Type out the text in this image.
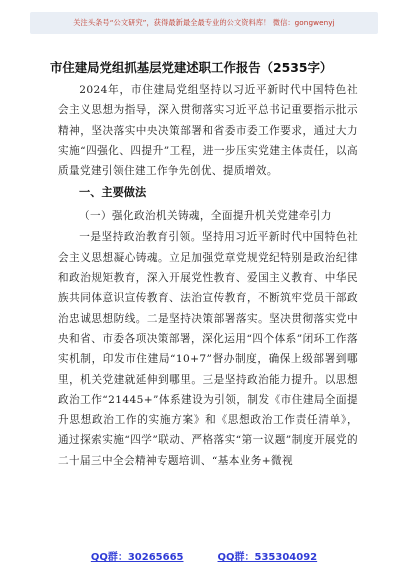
关注头条号“公文研究”，获得最新最全最专业的公文资料库！ 微信：gongwenyj
市住建局党组抓基层党建述职工作报告（2535字）

2024年，市住建局党组坚持以习近平新时代中国特色社会主义思想为指导，深入贯彻落实习近平总书记重要指示批示精神，坚决落实中央决策部署和省委市委工作要求，通过大力实施“四强化、四提升”工程，进一步压实党建主体责任，以高质量党建引领住建工作争先创优、提质增效。

一、主要做法
（一）强化政治机关铸魂，全面提升机关党建牵引力

一是坚持政治教育引领。坚持用习近平新时代中国特色社会主义思想凝心铸魂。立足加强党章党规党纪特别是政治纪律和政治规矩教育，深入开展党性教育、爱国主义教育、中华民族共同体意识宣传教育、法治宣传教育，不断筑牢党员干部政治忠诚思想防线。二是坚持决策部署落实。坚决贯彻落实党中央和省、市委各项决策部署，深化运用“四个体系”闭环工作落实机制，印发市住建局“10+7”督办制度，确保上级部署到哪里，机关党建就延伸到哪里。三是坚持政治能力提升。以思想政治工作“21445+”体系建设为引领，制发《市住建局全面提升思想政治工作的实施方案》和《思想政治工作责任清单》，通过探索实施“四学”联动、严格落实“第一议题”制度开展党的二十届三中全会精神专题培训、“基本业务+微视

QQ群：30265665	QQ群：535304092
